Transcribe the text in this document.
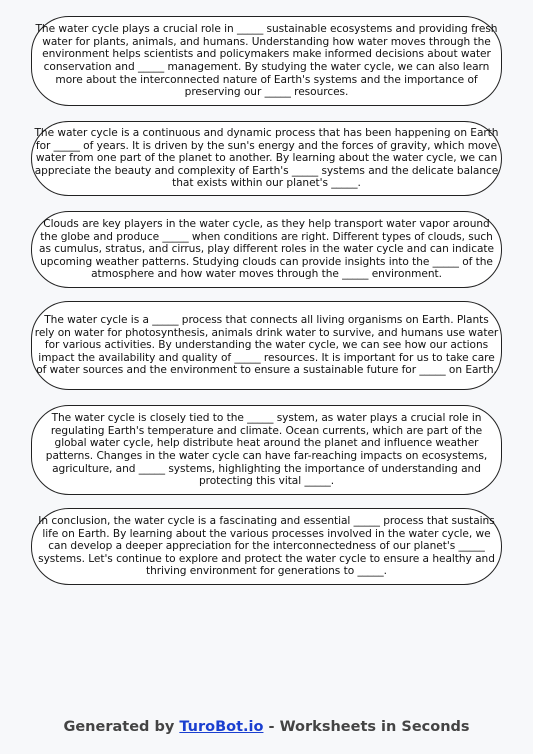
The water cycle plays a crucial role in _____ sustainable ecosystems and providing fresh water for plants, animals, and humans. Understanding how water moves through the environment helps scientists and policymakers make informed decisions about water conservation and _____ management. By studying the water cycle, we can also learn more about the interconnected nature of Earth's systems and the importance of preserving our _____ resources.

The water cycle is a continuous and dynamic process that has been happening on Earth for _____ of years. It is driven by the sun's energy and the forces of gravity, which move water from one part of the planet to another. By learning about the water cycle, we can appreciate the beauty and complexity of Earth's _____ systems and the delicate balance that exists within our planet's _____.

Clouds are key players in the water cycle, as they help transport water vapor around the globe and produce _____ when conditions are right. Different types of clouds, such as cumulus, stratus, and cirrus, play different roles in the water cycle and can indicate upcoming weather patterns. Studying clouds can provide insights into the _____ of the atmosphere and how water moves through the _____ environment.

The water cycle is a _____ process that connects all living organisms on Earth. Plants rely on water for photosynthesis, animals drink water to survive, and humans use water for various activities. By understanding the water cycle, we can see how our actions impact the availability and quality of _____ resources. It is important for us to take care of water sources and the environment to ensure a sustainable future for _____ on Earth.

The water cycle is closely tied to the _____ system, as water plays a crucial role in regulating Earth's temperature and climate. Ocean currents, which are part of the global water cycle, help distribute heat around the planet and influence weather patterns. Changes in the water cycle can have far-reaching impacts on ecosystems, agriculture, and _____ systems, highlighting the importance of understanding and protecting this vital _____.

In conclusion, the water cycle is a fascinating and essential _____ process that sustains life on Earth. By learning about the various processes involved in the water cycle, we can develop a deeper appreciation for the interconnectedness of our planet's _____ systems. Let's continue to explore and protect the water cycle to ensure a healthy and thriving environment for generations to _____.

Generated by TuroBot.io - Worksheets in Seconds
